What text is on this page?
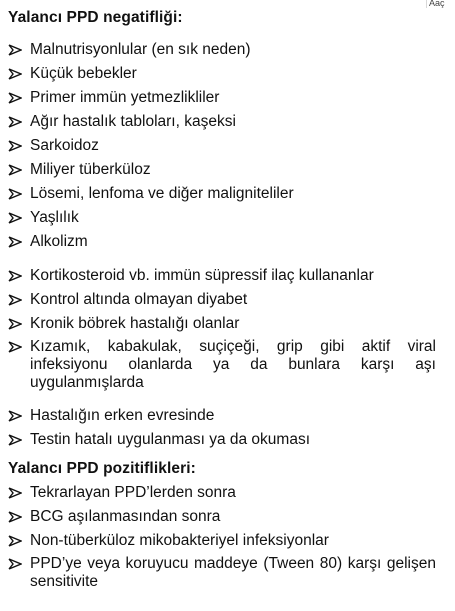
Aaç
Yalancı PPD negatifliği:
Malnutrisyonlular (en sık neden)
Küçük bebekler
Primer immün yetmezlikliler
Ağır hastalık tabloları, kaşeksi
Sarkoidoz
Miliyer tüberküloz
Lösemi, lenfoma ve diğer maligniteliler
Yaşlılık
Alkolizm
Kortikosteroid vb. immün süpressif ilaç kullananlar
Kontrol altında olmayan diyabet
Kronik böbrek hastalığı olanlar
Kızamık, kabakulak, suçiçeği, grip gibi aktif viral infeksiyonu olanlarda ya da bunlara karşı aşı uygulanmışlarda
Hastalığın erken evresinde
Testin hatalı uygulanması ya da okuması
Yalancı PPD pozitiflikleri:
Tekrarlayan PPD’lerden sonra
BCG aşılanmasından sonra
Non-tüberküloz mikobakteriyel infeksiyonlar
PPD’ye veya koruyucu maddeye (Tween 80) karşı gelişen sensitivite
